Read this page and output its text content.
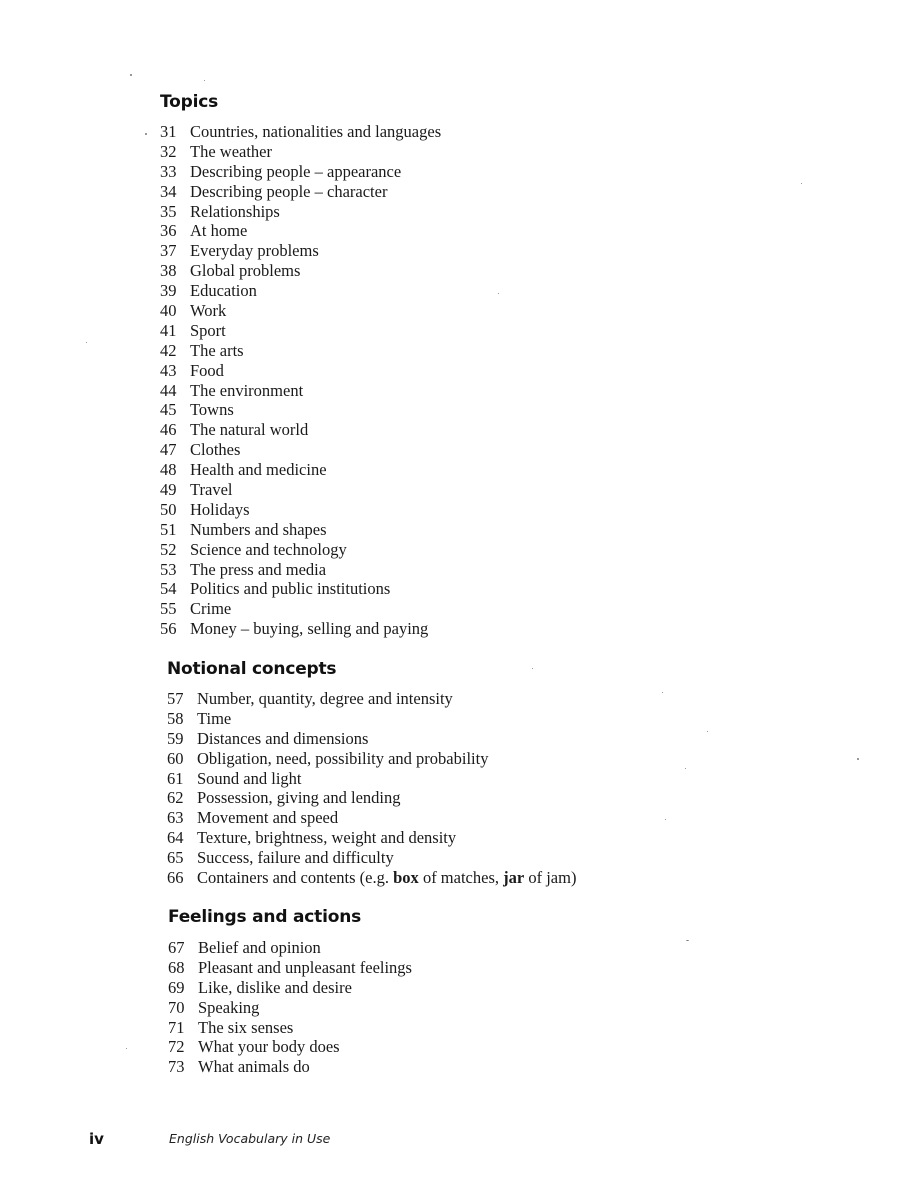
Topics
31 Countries, nationalities and languages
32 The weather
33 Describing people – appearance
34 Describing people – character
35 Relationships
36 At home
37 Everyday problems
38 Global problems
39 Education
40 Work
41 Sport
42 The arts
43 Food
44 The environment
45 Towns
46 The natural world
47 Clothes
48 Health and medicine
49 Travel
50 Holidays
51 Numbers and shapes
52 Science and technology
53 The press and media
54 Politics and public institutions
55 Crime
56 Money – buying, selling and paying
Notional concepts
57 Number, quantity, degree and intensity
58 Time
59 Distances and dimensions
60 Obligation, need, possibility and probability
61 Sound and light
62 Possession, giving and lending
63 Movement and speed
64 Texture, brightness, weight and density
65 Success, failure and difficulty
66 Containers and contents (e.g. box of matches, jar of jam)
Feelings and actions
67 Belief and opinion
68 Pleasant and unpleasant feelings
69 Like, dislike and desire
70 Speaking
71 The six senses
72 What your body does
73 What animals do
iv	English Vocabulary in Use
